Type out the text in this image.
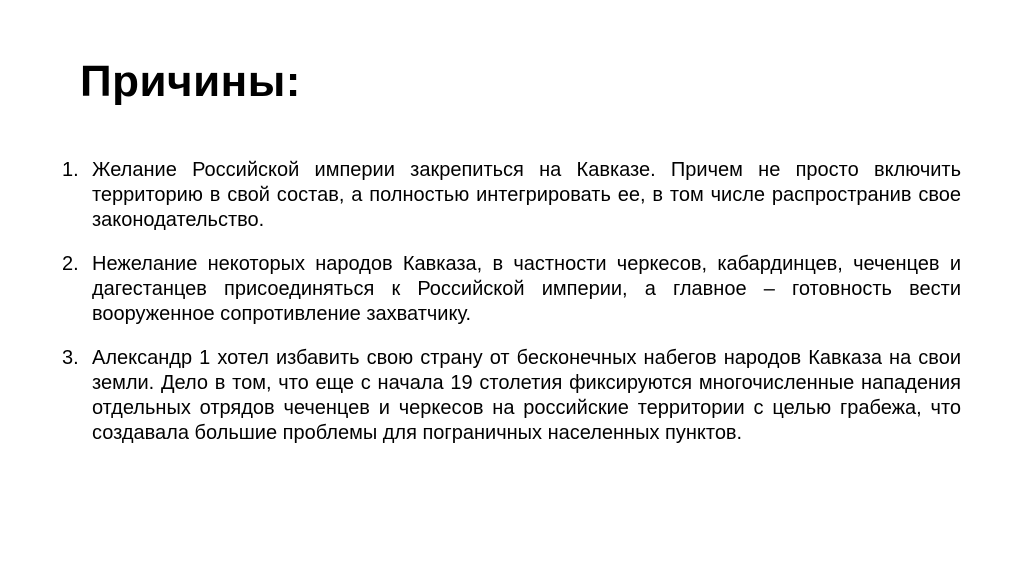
Причины:
1. Желание Российской империи закрепиться на Кавказе. Причем не просто включить территорию в свой состав, а полностью интегрировать ее, в том числе распространив свое законодательство.
2. Нежелание некоторых народов Кавказа, в частности черкесов, кабардинцев, чеченцев и дагестанцев присоединяться к Российской империи, а главное – готовность вести вооруженное сопротивление захватчику.
3. Александр 1 хотел избавить свою страну от бесконечных набегов народов Кавказа на свои земли. Дело в том, что еще с начала 19 столетия фиксируются многочисленные нападения отдельных отрядов чеченцев и черкесов на российские территории с целью грабежа, что создавала большие проблемы для пограничных населенных пунктов.
